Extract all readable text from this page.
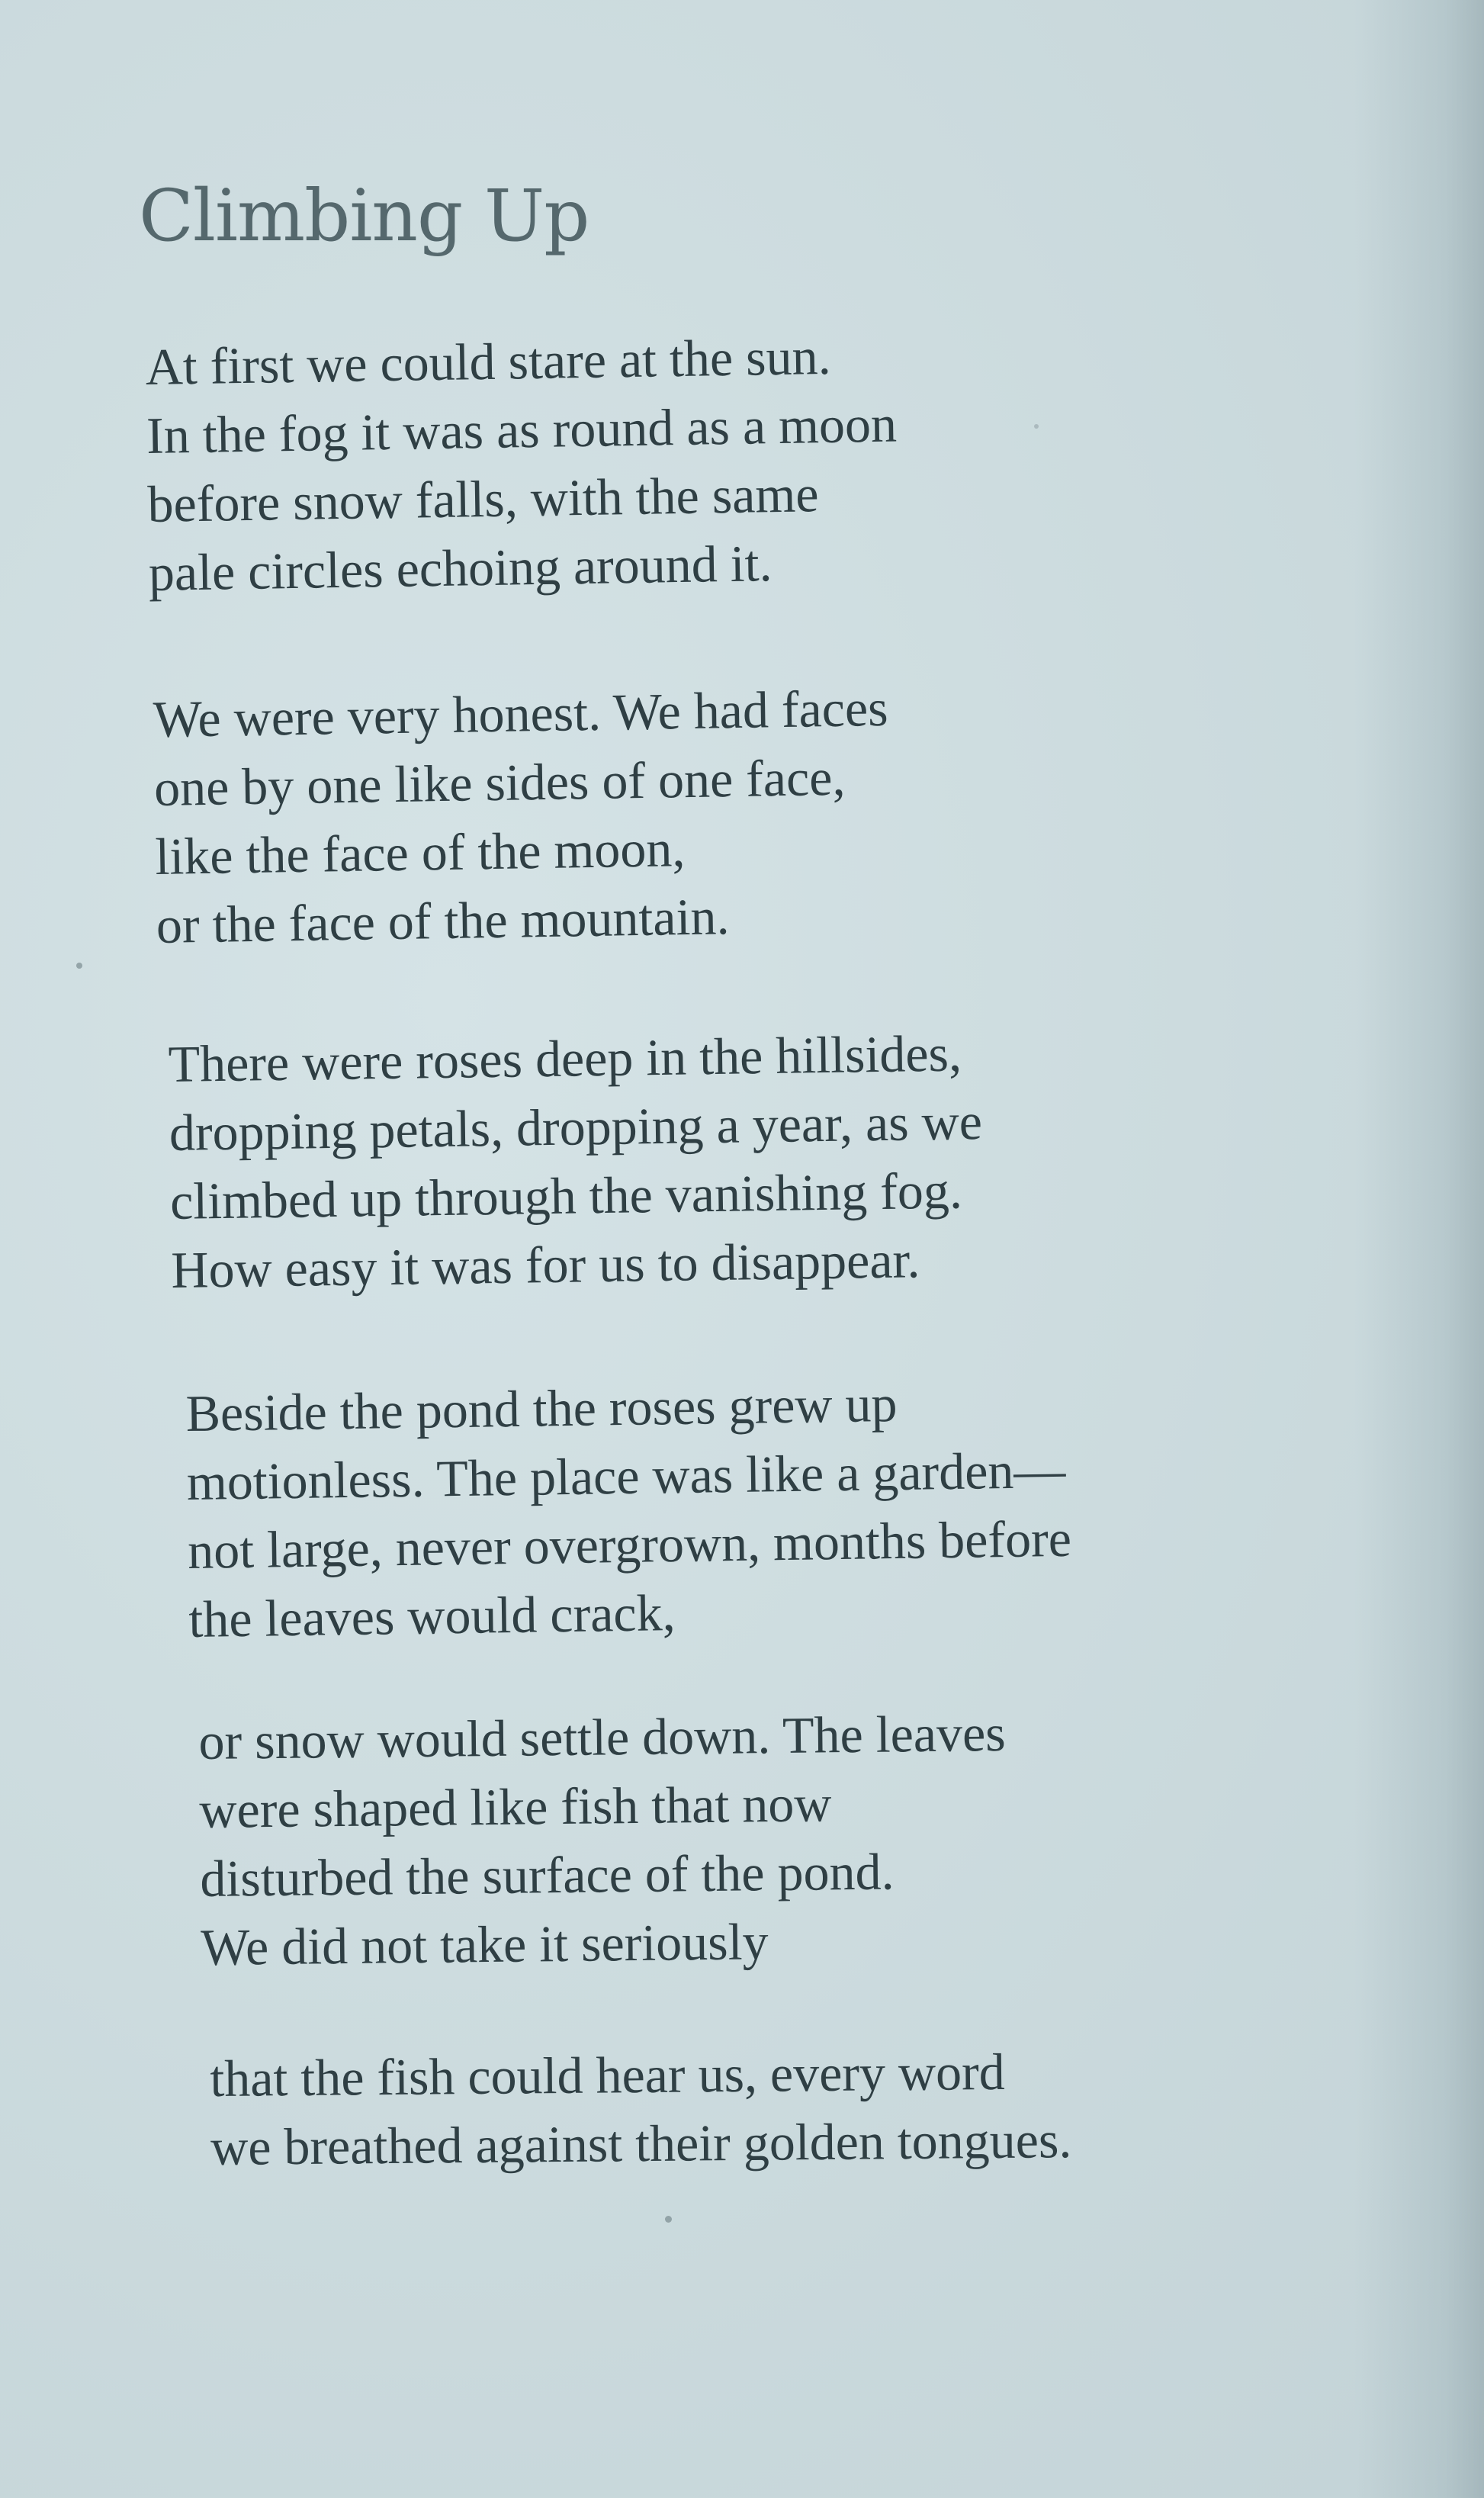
Climbing Up
At first we could stare at the sun.
In the fog it was as round as a moon
before snow falls, with the same
pale circles echoing around it.
We were very honest. We had faces
one by one like sides of one face,
like the face of the moon,
or the face of the mountain.
There were roses deep in the hillsides,
dropping petals, dropping a year, as we
climbed up through the vanishing fog.
How easy it was for us to disappear.
Beside the pond the roses grew up
motionless. The place was like a garden—
not large, never overgrown, months before
the leaves would crack,
or snow would settle down. The leaves
were shaped like fish that now
disturbed the surface of the pond.
We did not take it seriously
that the fish could hear us, every word
we breathed against their golden tongues.
